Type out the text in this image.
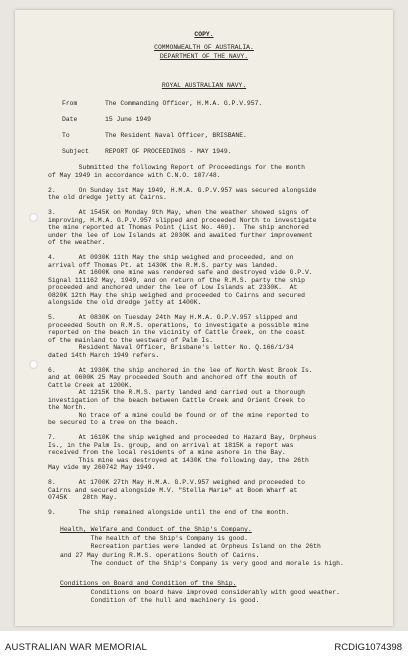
COPY.
COMMONWEALTH OF AUSTRALIA.
DEPARTMENT OF THE NAVY.
ROYAL AUSTRALIAN NAVY.
From	The Commanding Officer, H.M.A. G.P.V.957.
Date	15 June 1949
To	The Resident Naval Officer, BRISBANE.
Subject	REPORT OF PROCEEDINGS - MAY 1949.
Submitted the following Report of Proceedings for the month
of May 1949 in accordance with C.N.O. 107/48.
2.      On Sunday 1st May 1949, H.M.A. G.P.V.957 was secured alongside
the old dredge jetty at Cairns.
3.      At 1545K on Monday 9th May, when the weather showed signs of
improving, H.M.A. G.P.V.957 slipped and proceeded North to investigate
the mine reported at Thomas Point (List No. 460).  The ship anchored
under the lee of Low Islands at 2030K and awaited further improvement
of the weather.
4.      At 0930K 11th May the ship weighed and proceeded, and on
arrival off Thomas Pt. at 1430K the R.M.S. party was landed.
At 1600K one mine was rendered safe and destroyed vide G.P.V.
Signal 111162 May, 1949, and on return of the R.M.S. party the ship
proceeded and anchored under the lee of Low Islands at 2330K.  At
0820K 12th May the ship weighed and proceeded to Cairns and secured
alongside the old dredge jetty at 1400K.
5.      At 0830K on Tuesday 24th May H.M.A. G.P.V.957 slipped and
proceeded South on R.M.S. operations, to investigate a possible mine
reported on the beach in the vicinity of Cattle Creek, on the coast
of the mainland to the westward of Palm Is.
Resident Naval Officer, Brisbane's letter No. Q.166/1/34
dated 14th March 1949 refers.
6.      At 1930K the ship anchored in the lee of North West Brook Is.
and at 0600K 25 May proceeded South and anchored off the mouth of
Cattle Creek at 1200K.
At 1215K the R.M.S. party landed and carried out a thorough
investigation of the beach between Cattle Creek and Orient Creek to
the North.
No trace of a mine could be found or of the mine reported to
be secured to a tree on the beach.
7.      At 1610K the ship weighed and proceeded to Hazard Bay, Orpheus
Is., in the Palm Is. group, and on arrival at 1815K a report was
received from the local residents of a mine ashore in the Bay.
This mine was destroyed at 1430K the following day, the 26th
May vide my 260742 May 1949.
8.      At 1700K 27th May H.M.A. G.P.V.957 weighed and proceeded to
Cairns and secured alongside M.V. "Stella Marie" at Boom Wharf at
0745K    28th May.
9.      The ship remained alongside until the end of the month.
Health, Welfare and Conduct of the Ship's Company.
The health of the Ship's Company is good.
Recreation parties were landed at Orpheus Island on the 26th
and 27 May during R.M.S. operations South of Cairns.
The conduct of the Ship's Company is very good and morale is high.
Conditions on Board and Condition of the Ship.
Conditions on board have improved considerably with good weather.
Condition of the hull and machinery is good.
AUSTRALIAN WAR MEMORIAL	RCDIG1074398
